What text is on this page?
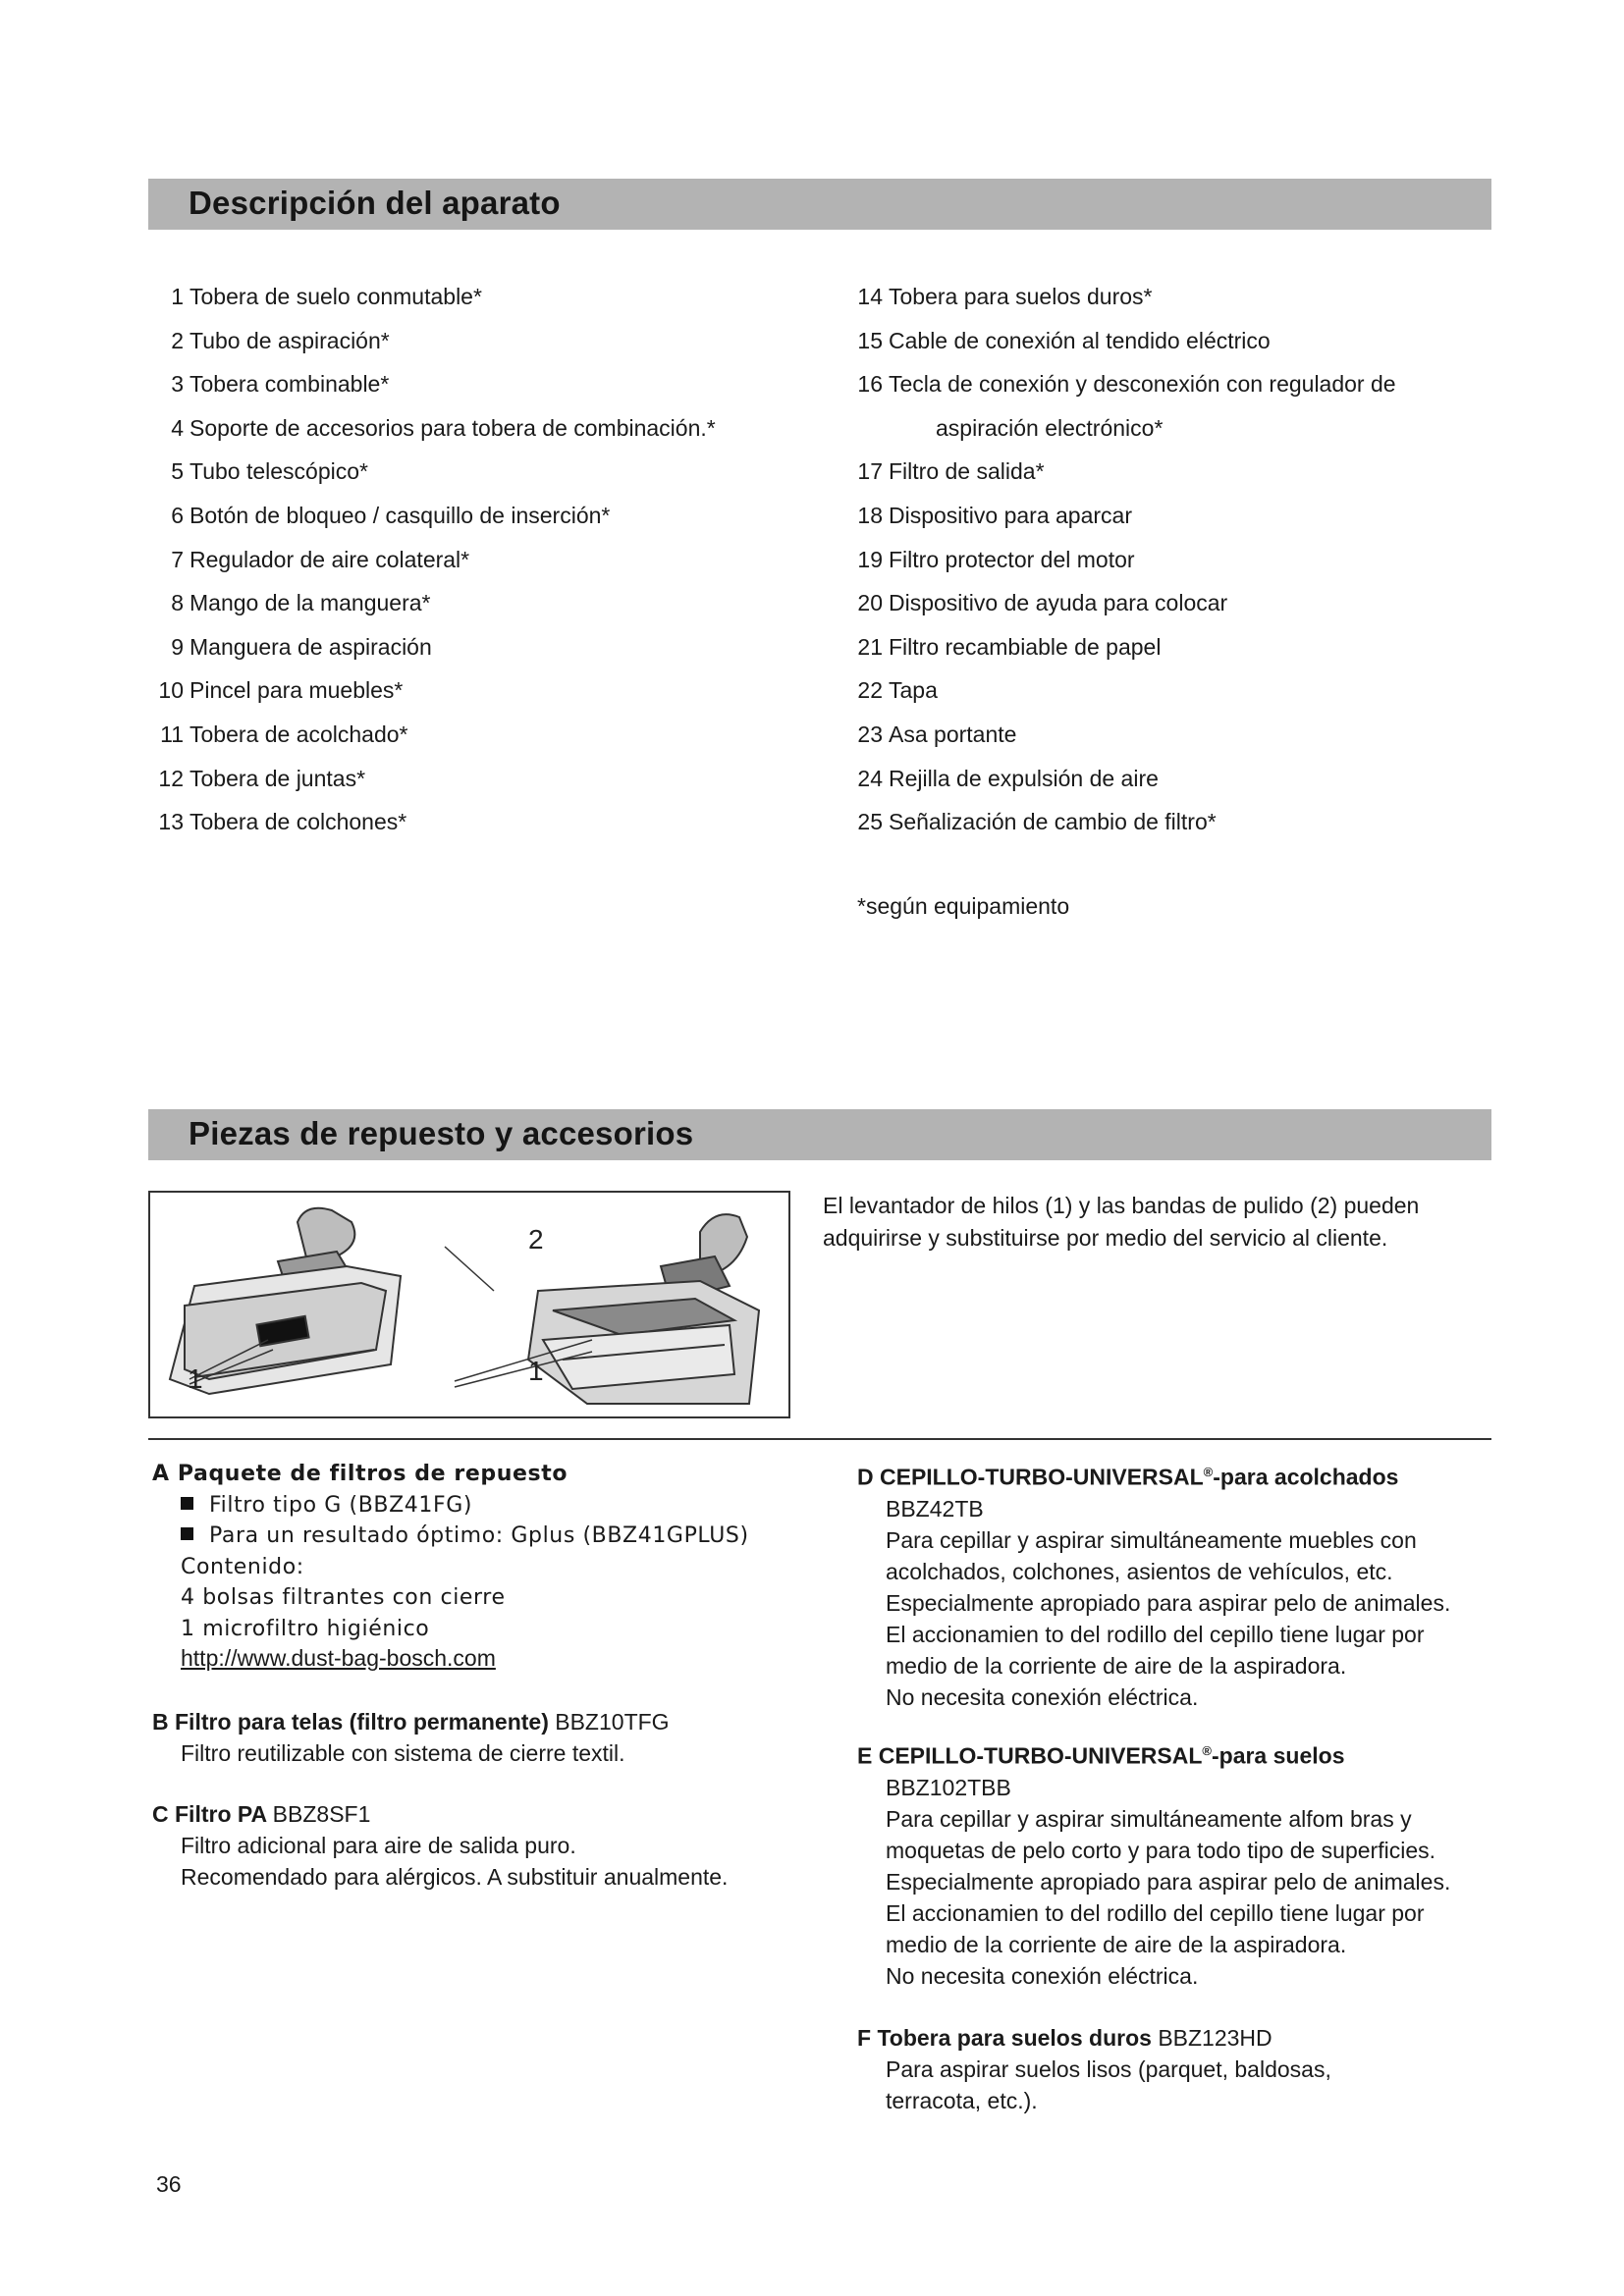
Descripción del aparato
1 Tobera de suelo conmutable*
2 Tubo de aspiración*
3 Tobera combinable*
4 Soporte de accesorios para tobera de combinación.*
5 Tubo telescópico*
6 Botón de bloqueo / casquillo de inserción*
7 Regulador de aire colateral*
8 Mango de la manguera*
9 Manguera de aspiración
10 Pincel para muebles*
11 Tobera de acolchado*
12 Tobera de juntas*
13 Tobera de colchones*
14 Tobera para suelos duros*
15 Cable de conexión al tendido eléctrico
16 Tecla de conexión y desconexión con regulador de
aspiración electrónico*
17 Filtro de salida*
18 Dispositivo para aparcar
19 Filtro protector del motor
20 Dispositivo de ayuda para colocar
21 Filtro recambiable de papel
22 Tapa
23 Asa portante
24 Rejilla de expulsión de aire
25 Señalización de cambio de filtro*
*según equipamiento
Piezas de repuesto y accesorios
1
2
1
El levantador de hilos (1) y las bandas de pulido (2) pueden
adquirirse y substituirse por medio del servicio al cliente.
A Paquete de filtros de repuesto
Filtro tipo G (BBZ41FG)
Para un resultado óptimo: Gplus (BBZ41GPLUS)
Contenido:
4 bolsas filtrantes con cierre
1 microfiltro higiénico
http://www.dust-bag-bosch.com
B Filtro para telas (filtro permanente) BBZ10TFG
Filtro reutilizable con sistema de cierre textil.
C Filtro PA BBZ8SF1
Filtro adicional para aire de salida puro.
Recomendado para alérgicos. A substituir anualmente.
D CEPILLO-TURBO-UNIVERSAL®-para acolchados
BBZ42TB
Para cepillar y aspirar simultáneamente muebles con
acolchados, colchones, asientos de vehículos, etc.
Especialmente apropiado para aspirar pelo de animales.
El accionamien to del rodillo del cepillo tiene lugar por
medio de la corriente de aire de la aspiradora.
No necesita conexión eléctrica.
E CEPILLO-TURBO-UNIVERSAL®-para suelos
BBZ102TBB
Para cepillar y aspirar simultáneamente alfom bras y
moquetas de pelo corto y para todo tipo de superficies.
Especialmente apropiado para aspirar pelo de animales.
El accionamien to del rodillo del cepillo tiene lugar por
medio de la corriente de aire de la aspiradora.
No necesita conexión eléctrica.
F Tobera para suelos duros BBZ123HD
Para aspirar suelos lisos (parquet, baldosas,
terracota, etc.).
36
